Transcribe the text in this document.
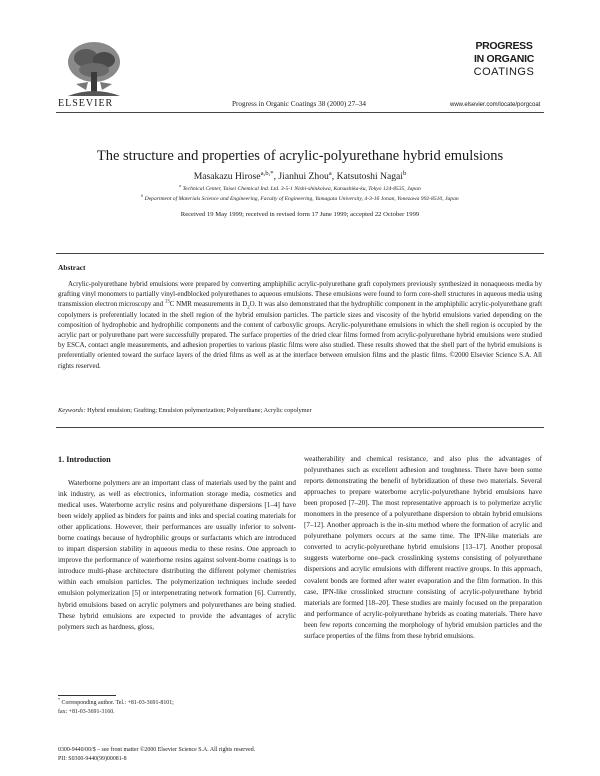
ELSEVIER	Progress in Organic Coatings 38 (2000) 27–34
PROGRESS
IN ORGANIC
COATINGS
www.elsevier.com/locate/porgcoat
The structure and properties of acrylic-polyurethane hybrid emulsions
Masakazu Hirose$^{a,b,*}$, Jianhui Zhou$^a$, Katsutoshi Nagai$^b$
$^a$ Technical Center, Taisei Chemical Ind. Ltd. 3-5-1 Nishi-shinkoiwa, Katsushika-ku, Tokyo 124-8535, Japan
$^b$ Department of Materials Science and Engineering, Faculty of Engineering, Yamagata University, 4-3-16 Jonan, Yonezawa 992-8510, Japan
Received 19 May 1999; received in revised form 17 June 1999; accepted 22 October 1999
Abstract
Acrylic-polyurethane hybrid emulsions were prepared by converting amphiphilic acrylic-polyurethane graft copolymers previously synthesized in nonaqueous media by grafting vinyl monomers to partially vinyl-endblocked polyurethanes to aqueous emulsions. These emulsions were found to form core-shell structures in aqueous media using transmission electron microscopy and $^{13}$C NMR measurements in $D_2O$. It was also demonstrated that the hydrophilic component in the amphiphilic acrylic-polyurethane graft copolymers is preferentially located in the shell region of the hybrid emulsion particles. The particle sizes and viscosity of the hybrid emulsions varied depending on the composition of hydrophobic and hydrophilic components and the content of carboxylic groups. Acrylic-polyurethane emulsions in which the shell region is occupied by the acrylic part or polyurethane part were successfully prepared. The surface properties of the dried clear films formed from acrylic-polyurethane hybrid emulsions were studied by ESCA, contact angle measurements, and adhesion properties to various plastic films were also studied. These results showed that the shell part of the hybrid emulsions is preferentially oriented toward the surface layers of the dried films as well as at the interface between emulsion films and the plastic films. ©2000 Elsevier Science S.A. All rights reserved.
Keywords: Hybrid emulsion; Grafting; Emulsion polymerization; Polyurethane; Acrylic copolymer
1. Introduction
Waterborne polymers are an important class of materials used by the paint and ink industry, as well as electronics, information storage media, cosmetics and medical uses. Waterborne acrylic resins and polyurethane dispersions [1–4] have been widely applied as binders for paints and inks and special coating materials for other applications. However, their performances are usually inferior to solvent-borne coatings because of hydrophilic groups or surfactants which are introduced to impart dispersion stability in aqueous media to these resins. One approach to improve the performance of waterborne resins against solvent-borne coatings is to introduce multi-phase architecture distributing the different polymer chemistries within each emulsion particles. The polymerization techniques include seeded emulsion polymerization [5] or interpenetrating network formation [6]. Currently, hybrid emulsions based on acrylic polymers and polyurethanes are being studied. These hybrid emulsions are expected to provide the advantages of acrylic polymers such as hardness, gloss,
weatherability and chemical resistance, and also plus the advantages of polyurethanes such as excellent adhesion and toughness. There have been some reports demonstrating the benefit of hybridization of these two materials. Several approaches to prepare waterborne acrylic-polyurethane hybrid emulsions have been proposed [7–20]. The most representative approach is to polymerize acrylic monomers in the presence of a polyurethane dispersion to obtain hybrid emulsions [7–12]. Another approach is the in-situ method where the formation of acrylic and polyurethane polymers occurs at the same time. The IPN-like materials are converted to acrylic-polyurethane hybrid emulsions [13–17]. Another proposal suggests waterborne one–pack crosslinking systems consisting of polyurethane dispersions and acrylic emulsions with different reactive groups. In this approach, covalent bonds are formed after water evaporation and the film formation. In this case, IPN-like crosslinked structure consisting of acrylic-polyurethane hybrid materials are formed [18–20]. These studies are mainly focused on the preparation and performance of acrylic-polyurethane hybrids as coating materials. There have been few reports concerning the morphology of hybrid emulsion particles and the surface properties of the films from these hybrid emulsions.
* Corresponding author. Tel.: +81-03-3691-8101;
fax: +81-03-3691-3160.
0300-9440/00/$ – see front matter ©2000 Elsevier Science S.A. All rights reserved.
PII: S0300-9440(99)00081-8
